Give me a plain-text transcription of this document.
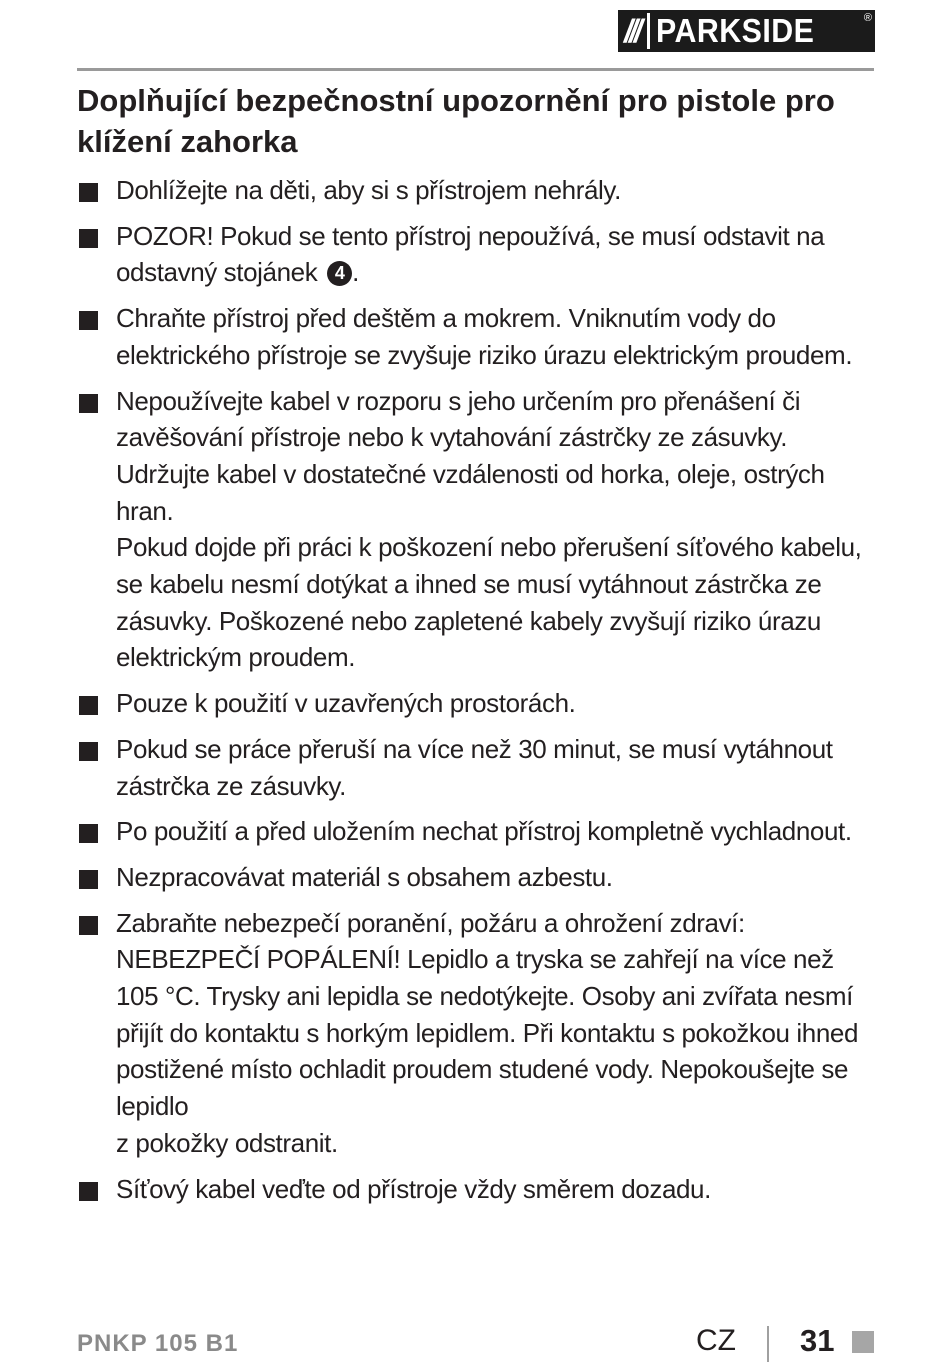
/// PARKSIDE	®
Doplňující bezpečnostní upozornění pro pistole pro klížení zahorka

Dohlížejte na děti, aby si s přístrojem nehrály.

POZOR! Pokud se tento přístroj nepoužívá, se musí odstavit na odstavný stojánek 4 .

Chraňte přístroj před deštěm a mokrem. Vniknutím vody do elektrického přístroje se zvyšuje riziko úrazu elektrickým proudem.

Nepoužívejte kabel v rozporu s jeho určením pro přenášení či zavěšování přístroje nebo k vytahování zástrčky ze zásuvky. Udržujte kabel v dostatečné vzdálenosti od horka, oleje, ostrých hran.

Pokud dojde při práci k poškození nebo přerušení síťového kabelu, se kabelu nesmí dotýkat a ihned se musí vytáhnout zástrčka ze zásuvky. Poškozené nebo zapletené kabely zvyšují riziko úrazu elektrickým proudem.

Pouze k použití v uzavřených prostorách.

Pokud se práce přeruší na více než 30 minut, se musí vytáhnout zástrčka ze zásuvky.

Po použití a před uložením nechat přístroj kompletně vychladnout.

Nezpracovávat materiál s obsahem azbestu.

Zabraňte nebezpečí poranění, požáru a ohrožení zdraví: NEBEZPEČÍ POPÁLENÍ! Lepidlo a tryska se zahřejí na více než 105 °C. Trysky ani lepidla se nedotýkejte. Osoby ani zvířata nesmí přijít do kontaktu s horkým lepidlem. Při kontaktu s pokožkou ihned postižené místo ochladit proudem studené vody. Nepokoušejte se lepidlo

z pokožky odstranit.

Síťový kabel veďte od přístroje vždy směrem dozadu.

PNKP 105 B1	CZ 31
